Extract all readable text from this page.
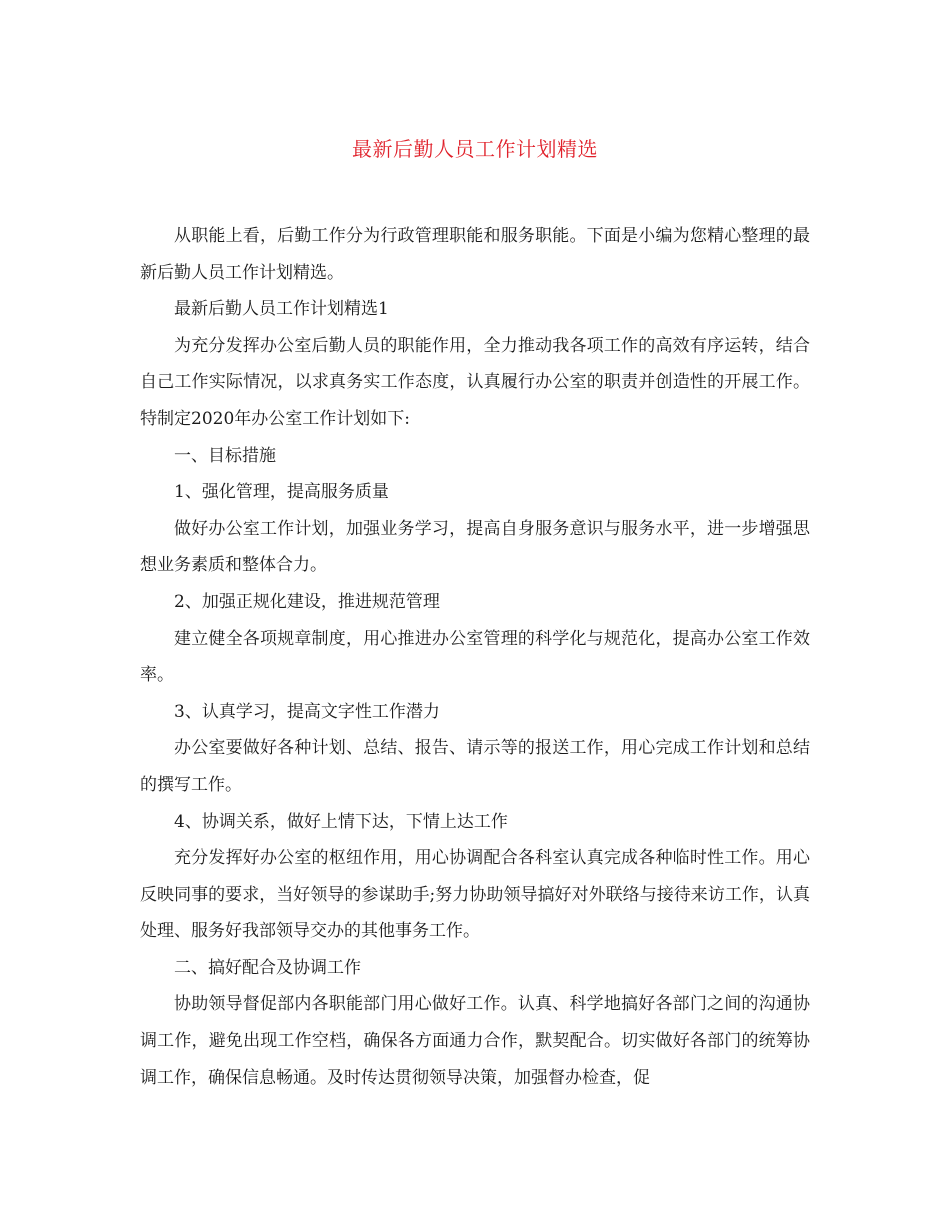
最新后勤人员工作计划精选

从职能上看，后勤工作分为行政管理职能和服务职能。下面是小编为您精心整理的最新后勤人员工作计划精选。

最新后勤人员工作计划精选1

为充分发挥办公室后勤人员的职能作用，全力推动我各项工作的高效有序运转，结合自己工作实际情况，以求真务实工作态度，认真履行办公室的职责并创造性的开展工作。特制定2020年办公室工作计划如下:

一、目标措施

1、强化管理，提高服务质量

做好办公室工作计划，加强业务学习，提高自身服务意识与服务水平，进一步增强思想业务素质和整体合力。

2、加强正规化建设，推进规范管理

建立健全各项规章制度，用心推进办公室管理的科学化与规范化，提高办公室工作效率。

3、认真学习，提高文字性工作潜力

办公室要做好各种计划、总结、报告、请示等的报送工作，用心完成工作计划和总结的撰写工作。

4、协调关系，做好上情下达，下情上达工作

充分发挥好办公室的枢纽作用，用心协调配合各科室认真完成各种临时性工作。用心反映同事的要求，当好领导的参谋助手;努力协助领导搞好对外联络与接待来访工作，认真处理、服务好我部领导交办的其他事务工作。

二、搞好配合及协调工作

协助领导督促部内各职能部门用心做好工作。认真、科学地搞好各部门之间的沟通协调工作，避免出现工作空档，确保各方面通力合作，默契配合。切实做好各部门的统筹协调工作，确保信息畅通。及时传达贯彻领导决策，加强督办检查，促
